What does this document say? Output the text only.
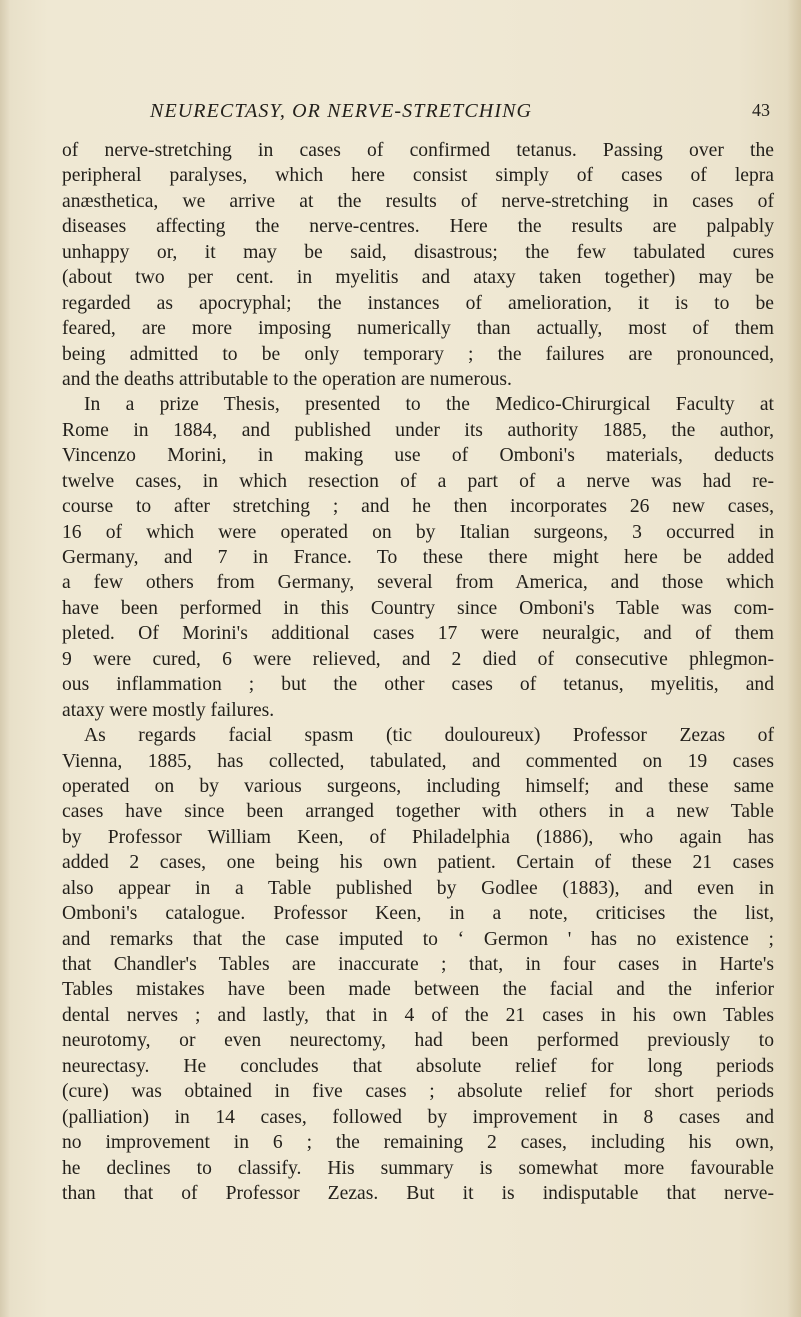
NEURECTASY, OR NERVE-STRETCHING	43
of nerve-stretching in cases of confirmed tetanus. Passing over the
peripheral paralyses, which here consist simply of cases of lepra
anæsthetica, we arrive at the results of nerve-stretching in cases of
diseases affecting the nerve-centres. Here the results are palpably
unhappy or, it may be said, disastrous; the few tabulated cures
(about two per cent. in myelitis and ataxy taken together) may be
regarded as apocryphal; the instances of amelioration, it is to be
feared, are more imposing numerically than actually, most of them
being admitted to be only temporary ; the failures are pronounced,
and the deaths attributable to the operation are numerous.
In a prize Thesis, presented to the Medico-Chirurgical Faculty at
Rome in 1884, and published under its authority 1885, the author,
Vincenzo Morini, in making use of Omboni's materials, deducts
twelve cases, in which resection of a part of a nerve was had re-
course to after stretching ; and he then incorporates 26 new cases,
16 of which were operated on by Italian surgeons, 3 occurred in
Germany, and 7 in France. To these there might here be added
a few others from Germany, several from America, and those which
have been performed in this Country since Omboni's Table was com-
pleted. Of Morini's additional cases 17 were neuralgic, and of them
9 were cured, 6 were relieved, and 2 died of consecutive phlegmon-
ous inflammation ; but the other cases of tetanus, myelitis, and
ataxy were mostly failures.
As regards facial spasm (tic douloureux) Professor Zezas of
Vienna, 1885, has collected, tabulated, and commented on 19 cases
operated on by various surgeons, including himself; and these same
cases have since been arranged together with others in a new Table
by Professor William Keen, of Philadelphia (1886), who again has
added 2 cases, one being his own patient. Certain of these 21 cases
also appear in a Table published by Godlee (1883), and even in
Omboni's catalogue. Professor Keen, in a note, criticises the list,
and remarks that the case imputed to ‘ Germon ' has no existence ;
that Chandler's Tables are inaccurate ; that, in four cases in Harte's
Tables mistakes have been made between the facial and the inferior
dental nerves ; and lastly, that in 4 of the 21 cases in his own Tables
neurotomy, or even neurectomy, had been performed previously to
neurectasy. He concludes that absolute relief for long periods
(cure) was obtained in five cases ; absolute relief for short periods
(palliation) in 14 cases, followed by improvement in 8 cases and
no improvement in 6 ; the remaining 2 cases, including his own,
he declines to classify. His summary is somewhat more favourable
than that of Professor Zezas. But it is indisputable that nerve-
